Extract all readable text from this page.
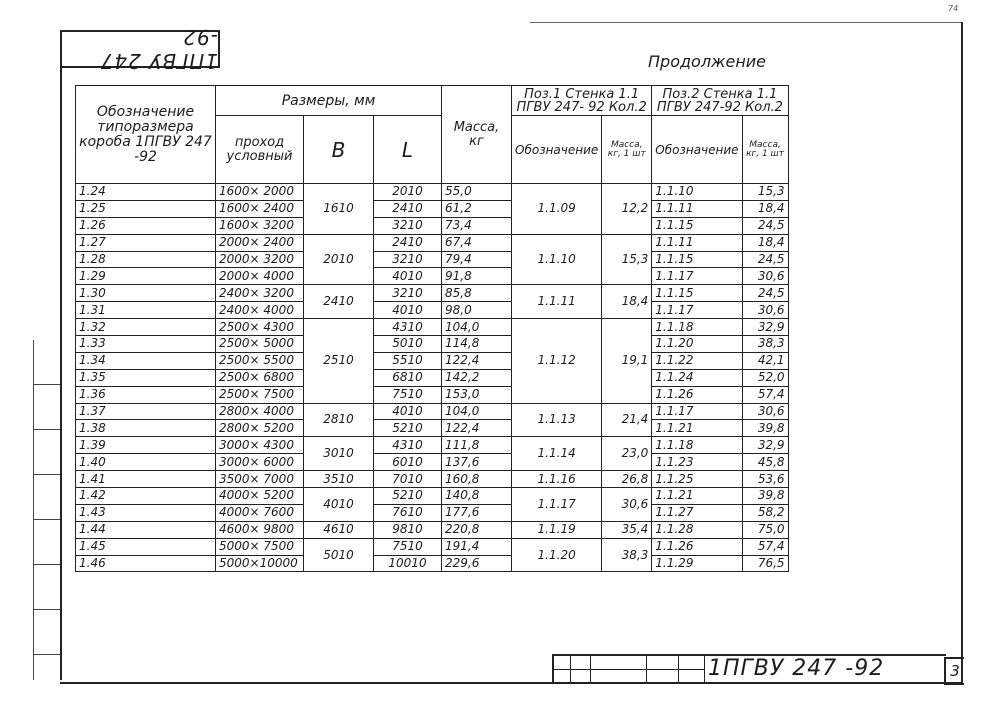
74
1ПГВУ 247 -92
Продолжение
Обозначение типоразмера короба 1ПГВУ 247 -92	Размеры, мм			Масса, кг	Поз.1 Стенка 1.1 ПГВУ 247- 92 Кол.2		Поз.2 Стенка 1.1 ПГВУ 247-92 Кол.2	
	проход условный	В	L		Обозначение	Масса, кг, 1 шт	Обозначение	Масса, кг, 1 шт

1.24	1600× 2000	1610	2010	55,0	1.1.09	12,2	1.1.10	15,3
1.25	1600× 2400		2410	61,2			1.1.11	18,4
1.26	1600× 3200		3210	73,4			1.1.15	24,5
1.27	2000× 2400	2010	2410	67,4	1.1.10	15,3	1.1.11	18,4
1.28	2000× 3200		3210	79,4			1.1.15	24,5
1.29	2000× 4000		4010	91,8			1.1.17	30,6
1.30	2400× 3200	2410	3210	85,8	1.1.11	18,4	1.1.15	24,5
1.31	2400× 4000		4010	98,0			1.1.17	30,6
1.32	2500× 4300	2510	4310	104,0	1.1.12	19,1	1.1.18	32,9
1.33	2500× 5000		5010	114,8			1.1.20	38,3
1.34	2500× 5500		5510	122,4			1.1.22	42,1
1.35	2500× 6800		6810	142,2			1.1.24	52,0
1.36	2500× 7500		7510	153,0			1.1.26	57,4
1.37	2800× 4000	2810	4010	104,0	1.1.13	21,4	1.1.17	30,6
1.38	2800× 5200		5210	122,4			1.1.21	39,8
1.39	3000× 4300	3010	4310	111,8	1.1.14	23,0	1.1.18	32,9
1.40	3000× 6000		6010	137,6			1.1.23	45,8
1.41	3500× 7000	3510	7010	160,8	1.1.16	26,8	1.1.25	53,6
1.42	4000× 5200	4010	5210	140,8	1.1.17	30,6	1.1.21	39,8
1.43	4000× 7600		7610	177,6			1.1.27	58,2
1.44	4600× 9800	4610	9810	220,8	1.1.19	35,4	1.1.28	75,0
1.45	5000× 7500	5010	7510	191,4	1.1.20	38,3	1.1.26	57,4
1.46	5000×10000		10010	229,6			1.1.29	76,5
1ПГВУ 247 -92	3
